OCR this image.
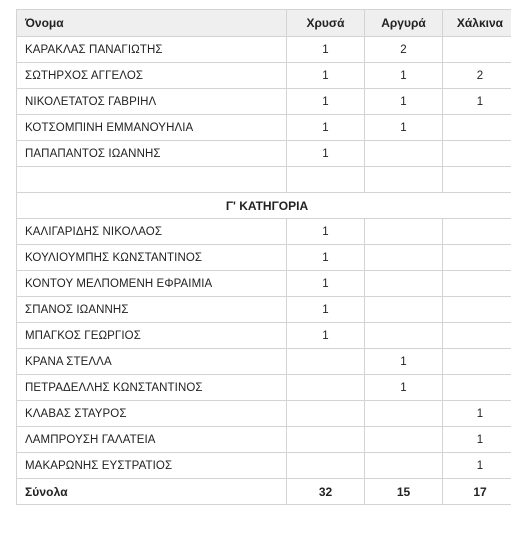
Όνομα	Χρυσά	Αργυρά	Χάλκινα
ΚΑΡΑΚΛΑΣ ΠΑΝΑΓΙΩΤΗΣ	1	2	
ΣΩΤΗΡΧΟΣ ΑΓΓΕΛΟΣ	1	1	2
ΝΙΚΟΛΕΤΑΤΟΣ ΓΑΒΡΙΗΛ	1	1	1
ΚΟΤΣΟΜΠΙΝΗ ΕΜΜΑΝΟΥΗΛΙΑ	1	1	
ΠΑΠΑΠΑΝΤΟΣ ΙΩΑΝΝΗΣ	1		

Γ' ΚΑΤΗΓΟΡΙΑ			
ΚΑΛΙΓΑΡΙΔΗΣ ΝΙΚΟΛΑΟΣ	1		
ΚΟΥΛΙΟΥΜΠΗΣ ΚΩΝΣΤΑΝΤΙΝΟΣ	1		
ΚΟΝΤΟΥ ΜΕΛΠΟΜΕΝΗ ΕΦΡΑΙΜΙΑ	1		
ΣΠΑΝΟΣ ΙΩΑΝΝΗΣ	1		
ΜΠΑΓΚΟΣ ΓΕΩΡΓΙΟΣ	1		
ΚΡΑΝΑ ΣΤΕΛΛΑ		1	
ΠΕΤΡΑΔΕΛΛΗΣ ΚΩΝΣΤΑΝΤΙΝΟΣ		1	
ΚΛΑΒΑΣ ΣΤΑΥΡΟΣ			1
ΛΑΜΠΡΟΥΣΗ ΓΑΛΑΤΕΙΑ			1
ΜΑΚΑΡΩΝΗΣ ΕΥΣΤΡΑΤΙΟΣ			1
Σύνολα	32	15	17
